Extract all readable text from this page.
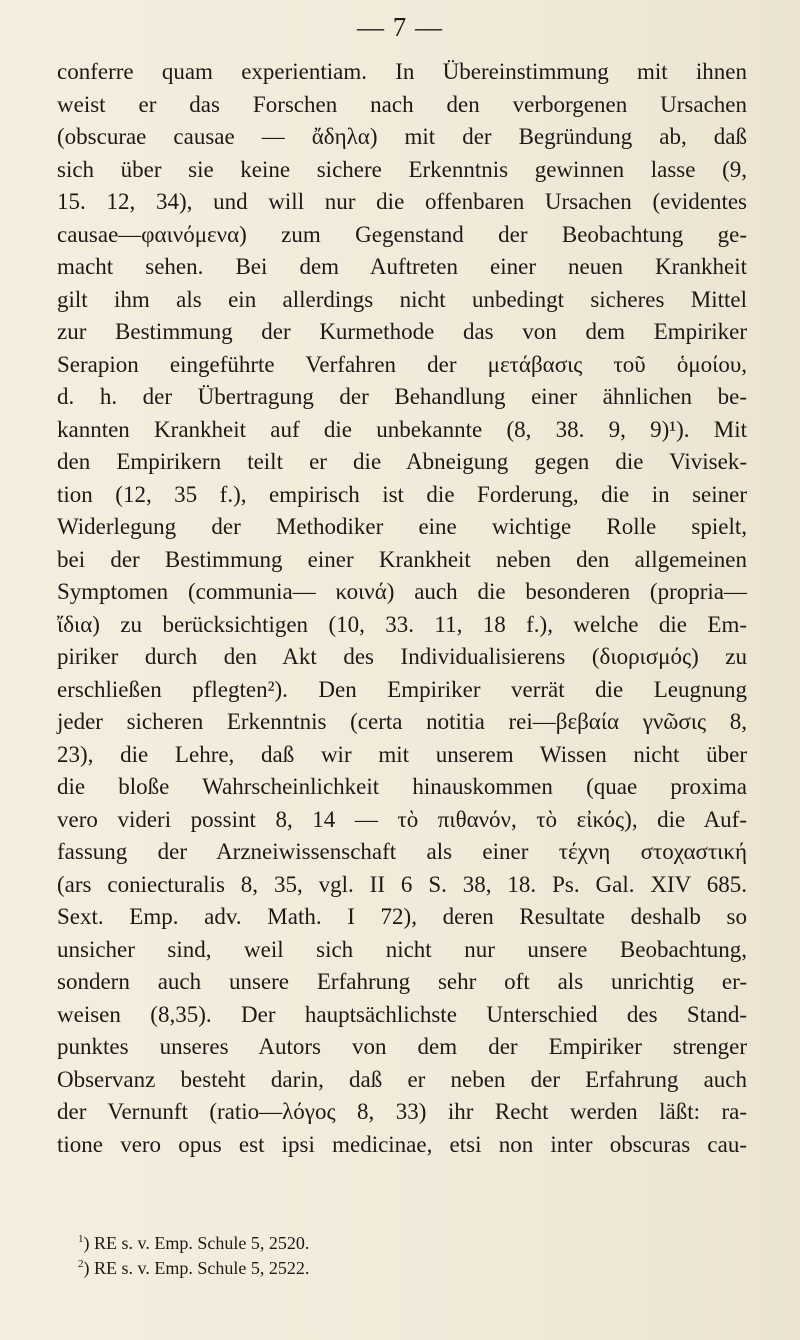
— 7 —
conferre quam experientiam. In Übereinstimmung mit ihnen
weist er das Forschen nach den verborgenen Ursachen
(obscurae causae — ἄδηλα) mit der Begründung ab, daß
sich über sie keine sichere Erkenntnis gewinnen lasse (9,
15. 12, 34), und will nur die offenbaren Ursachen (evidentes
causae—φαινόμενα) zum Gegenstand der Beobachtung ge-
macht sehen. Bei dem Auftreten einer neuen Krankheit
gilt ihm als ein allerdings nicht unbedingt sicheres Mittel
zur Bestimmung der Kurmethode das von dem Empiriker
Serapion eingeführte Verfahren der μετάβασις τοῦ ὁμοίου,
d. h. der Übertragung der Behandlung einer ähnlichen be-
kannten Krankheit auf die unbekannte (8, 38. 9, 9)¹). Mit
den Empirikern teilt er die Abneigung gegen die Vivisek-
tion (12, 35 f.), empirisch ist die Forderung, die in seiner
Widerlegung der Methodiker eine wichtige Rolle spielt,
bei der Bestimmung einer Krankheit neben den allgemeinen
Symptomen (communia— κοινά) auch die besonderen (propria—
ἴδια) zu berücksichtigen (10, 33. 11, 18 f.), welche die Em-
piriker durch den Akt des Individualisierens (διορισμός) zu
erschließen pflegten²). Den Empiriker verrät die Leugnung
jeder sicheren Erkenntnis (certa notitia rei—βεβαία γνῶσις 8,
23), die Lehre, daß wir mit unserem Wissen nicht über
die bloße Wahrscheinlichkeit hinauskommen (quae proxima
vero videri possint 8, 14 — τὸ πιθανόν, τὸ εἰκός), die Auf-
fassung der Arzneiwissenschaft als einer τέχνη στοχαστική
(ars coniecturalis 8, 35, vgl. II 6 S. 38, 18. Ps. Gal. XIV 685.
Sext. Emp. adv. Math. I 72), deren Resultate deshalb so
unsicher sind, weil sich nicht nur unsere Beobachtung,
sondern auch unsere Erfahrung sehr oft als unrichtig er-
weisen (8,35). Der hauptsächlichste Unterschied des Stand-
punktes unseres Autors von dem der Empiriker strenger
Observanz besteht darin, daß er neben der Erfahrung auch
der Vernunft (ratio—λόγος 8, 33) ihr Recht werden läßt: ra-
tione vero opus est ipsi medicinae, etsi non inter obscuras cau-
$^1$) RE s. v. Emp. Schule 5, 2520.
$^2$) RE s. v. Emp. Schule 5, 2522.
